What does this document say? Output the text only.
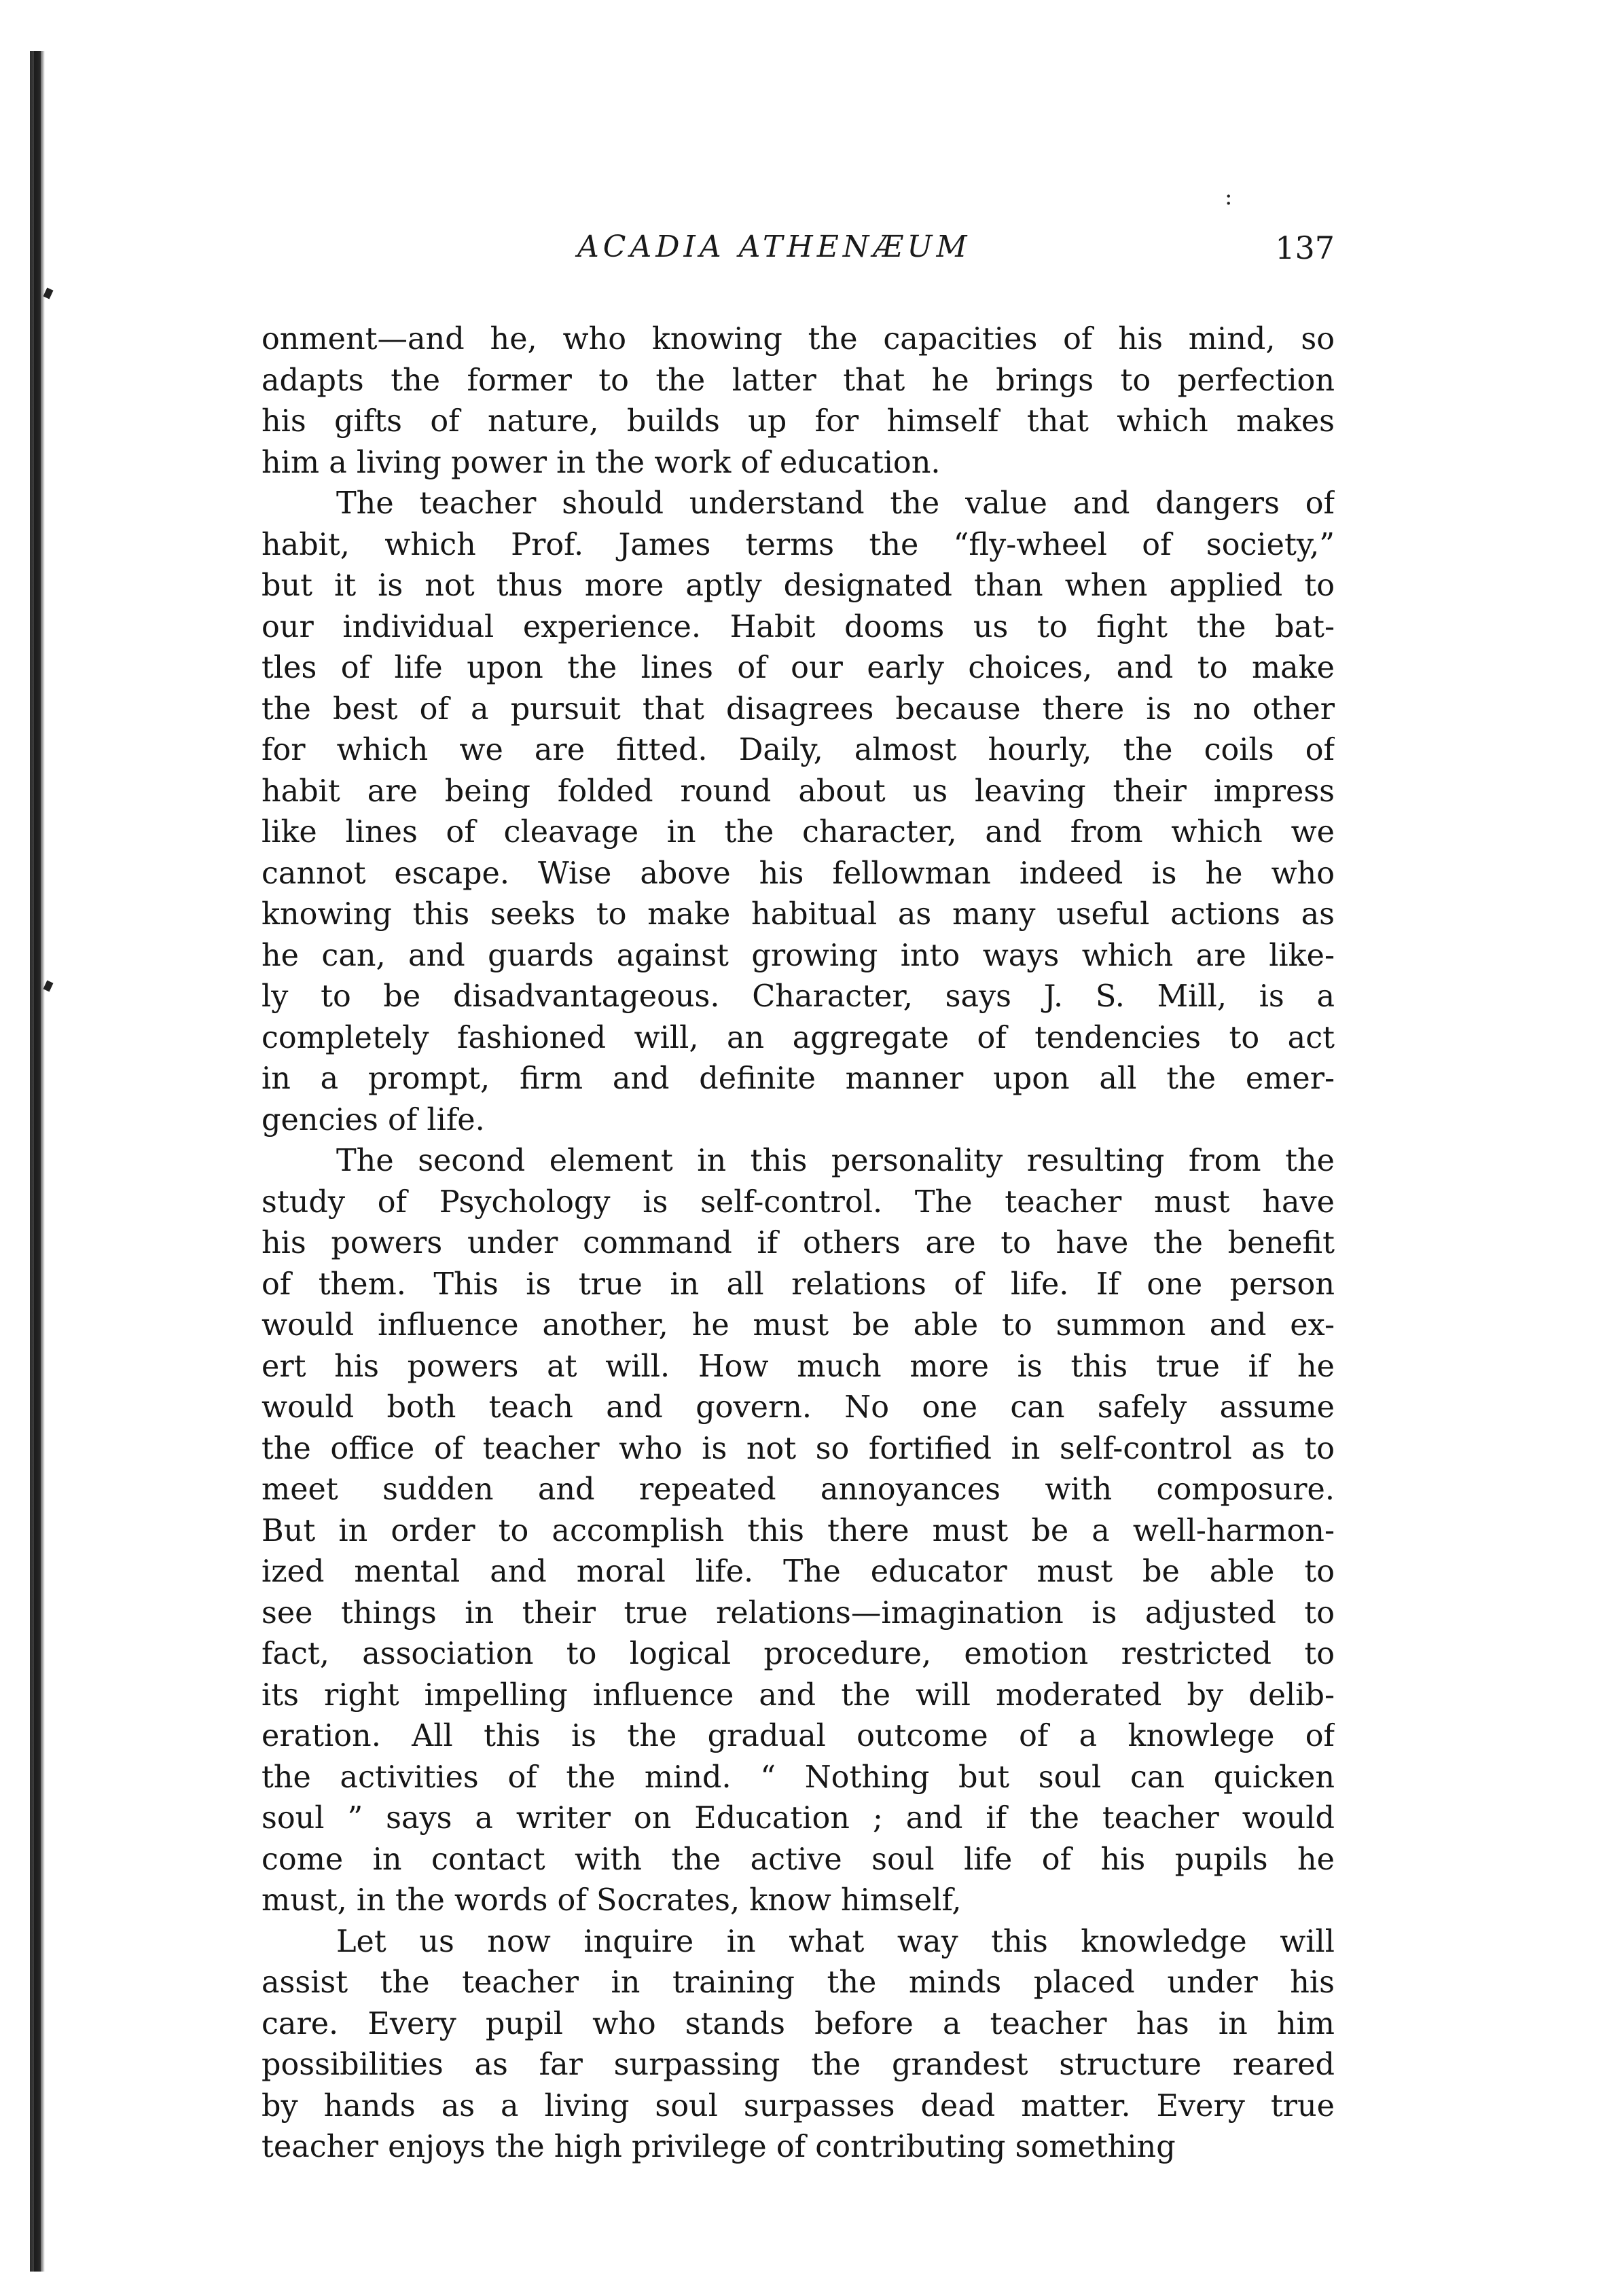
:
ACADIA ATHENÆUM	137
onment—and he, who knowing the capacities of his mind, so
adapts the former to the latter that he brings to perfection
his gifts of nature, builds up for himself that which makes
him a living power in the work of education.
The teacher should understand the value and dangers of
habit, which Prof. James terms the “fly-wheel of society,”
but it is not thus more aptly designated than when applied to
our individual experience. Habit dooms us to fight the bat-
tles of life upon the lines of our early choices, and to make
the best of a pursuit that disagrees because there is no other
for which we are fitted. Daily, almost hourly, the coils of
habit are being folded round about us leaving their impress
like lines of cleavage in the character, and from which we
cannot escape. Wise above his fellowman indeed is he who
knowing this seeks to make habitual as many useful actions as
he can, and guards against growing into ways which are like-
ly to be disadvantageous. Character, says J. S. Mill, is a
completely fashioned will, an aggregate of tendencies to act
in a prompt, firm and definite manner upon all the emer-
gencies of life.
The second element in this personality resulting from the
study of Psychology is self-control. The teacher must have
his powers under command if others are to have the benefit
of them. This is true in all relations of life. If one person
would influence another, he must be able to summon and ex-
ert his powers at will. How much more is this true if he
would both teach and govern. No one can safely assume
the office of teacher who is not so fortified in self-control as to
meet sudden and repeated annoyances with composure.
But in order to accomplish this there must be a well-harmon-
ized mental and moral life. The educator must be able to
see things in their true relations—imagination is adjusted to
fact, association to logical procedure, emotion restricted to
its right impelling influence and the will moderated by delib-
eration. All this is the gradual outcome of a knowlege of
the activities of the mind. “ Nothing but soul can quicken
soul ” says a writer on Education ; and if the teacher would
come in contact with the active soul life of his pupils he
must, in the words of Socrates, know himself,
Let us now inquire in what way this knowledge will
assist the teacher in training the minds placed under his
care. Every pupil who stands before a teacher has in him
possibilities as far surpassing the grandest structure reared
by hands as a living soul surpasses dead matter. Every true
teacher enjoys the high privilege of contributing something
